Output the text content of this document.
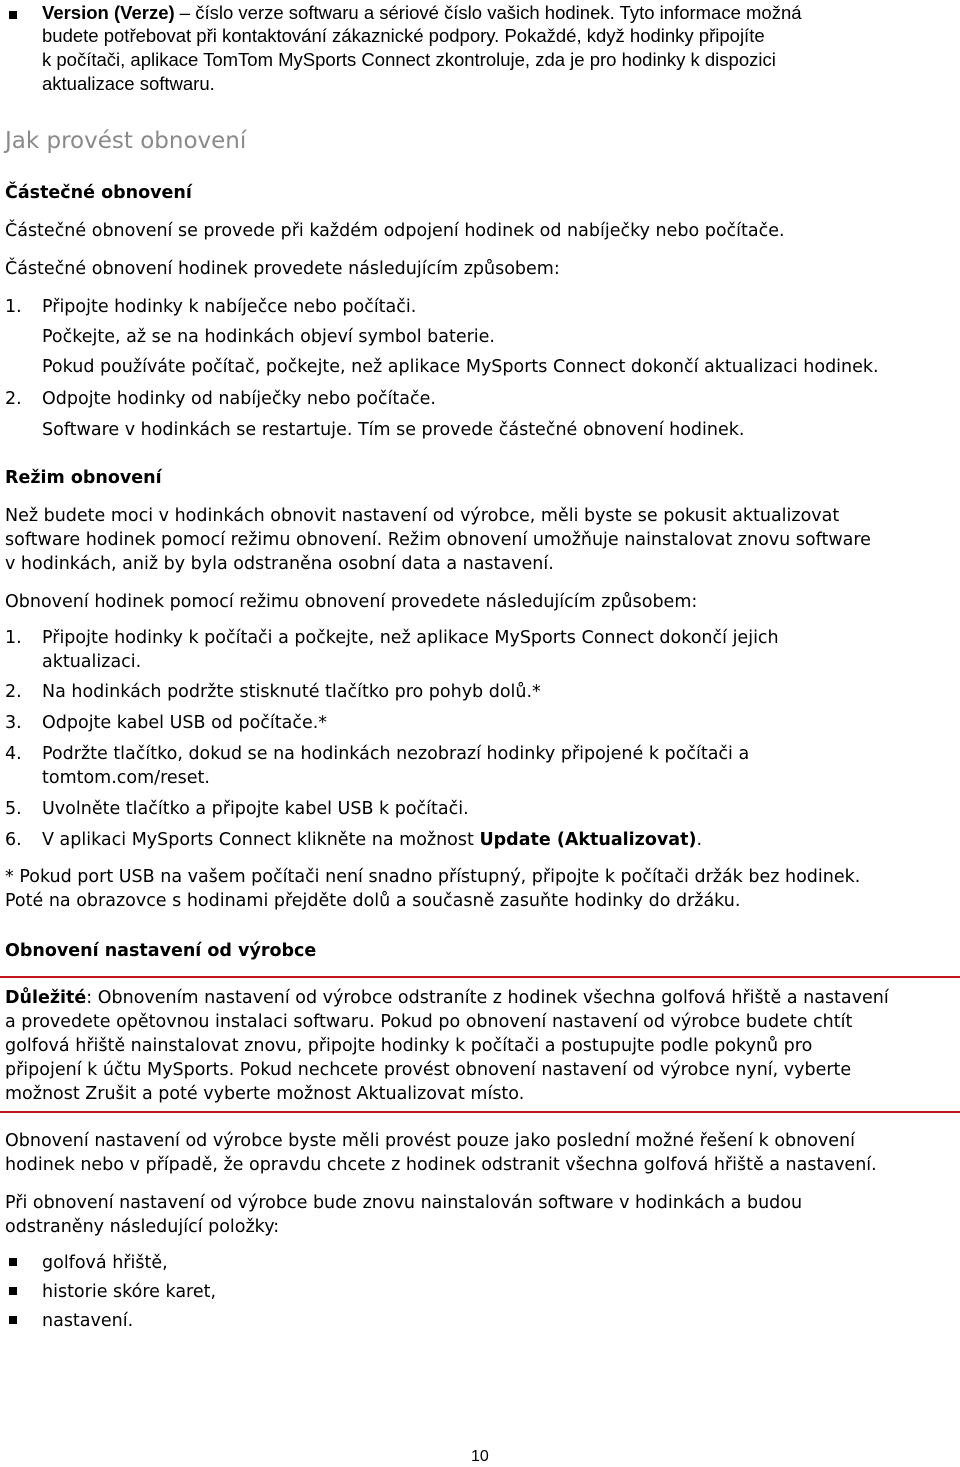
Version (Verze) – číslo verze softwaru a sériové číslo vašich hodinek. Tyto informace možná
budete potřebovat při kontaktování zákaznické podpory. Pokaždé, když hodinky připojíte
k počítači, aplikace TomTom MySports Connect zkontroluje, zda je pro hodinky k dispozici
aktualizace softwaru.
Jak provést obnovení
Částečné obnovení
Částečné obnovení se provede při každém odpojení hodinek od nabíječky nebo počítače.
Částečné obnovení hodinek provedete následujícím způsobem:
1. Připojte hodinky k nabíječce nebo počítači.
Počkejte, až se na hodinkách objeví symbol baterie.
Pokud používáte počítač, počkejte, než aplikace MySports Connect dokončí aktualizaci hodinek.
2. Odpojte hodinky od nabíječky nebo počítače.
Software v hodinkách se restartuje. Tím se provede částečné obnovení hodinek.
Režim obnovení
Než budete moci v hodinkách obnovit nastavení od výrobce, měli byste se pokusit aktualizovat
software hodinek pomocí režimu obnovení. Režim obnovení umožňuje nainstalovat znovu software
v hodinkách, aniž by byla odstraněna osobní data a nastavení.
Obnovení hodinek pomocí režimu obnovení provedete následujícím způsobem:
1. Připojte hodinky k počítači a počkejte, než aplikace MySports Connect dokončí jejich
aktualizaci.
2. Na hodinkách podržte stisknuté tlačítko pro pohyb dolů.*
3. Odpojte kabel USB od počítače.*
4. Podržte tlačítko, dokud se na hodinkách nezobrazí hodinky připojené k počítači a
tomtom.com/reset.
5. Uvolněte tlačítko a připojte kabel USB k počítači.
6. V aplikaci MySports Connect klikněte na možnost Update (Aktualizovat).
* Pokud port USB na vašem počítači není snadno přístupný, připojte k počítači držák bez hodinek.
Poté na obrazovce s hodinami přejděte dolů a současně zasuňte hodinky do držáku.
Obnovení nastavení od výrobce
Důležité: Obnovením nastavení od výrobce odstraníte z hodinek všechna golfová hřiště a nastavení
a provedete opětovnou instalaci softwaru. Pokud po obnovení nastavení od výrobce budete chtít
golfová hřiště nainstalovat znovu, připojte hodinky k počítači a postupujte podle pokynů pro
připojení k účtu MySports. Pokud nechcete provést obnovení nastavení od výrobce nyní, vyberte
možnost Zrušit a poté vyberte možnost Aktualizovat místo.
Obnovení nastavení od výrobce byste měli provést pouze jako poslední možné řešení k obnovení
hodinek nebo v případě, že opravdu chcete z hodinek odstranit všechna golfová hřiště a nastavení.
Při obnovení nastavení od výrobce bude znovu nainstalován software v hodinkách a budou
odstraněny následující položky:
golfová hřiště,
historie skóre karet,
nastavení.
10
